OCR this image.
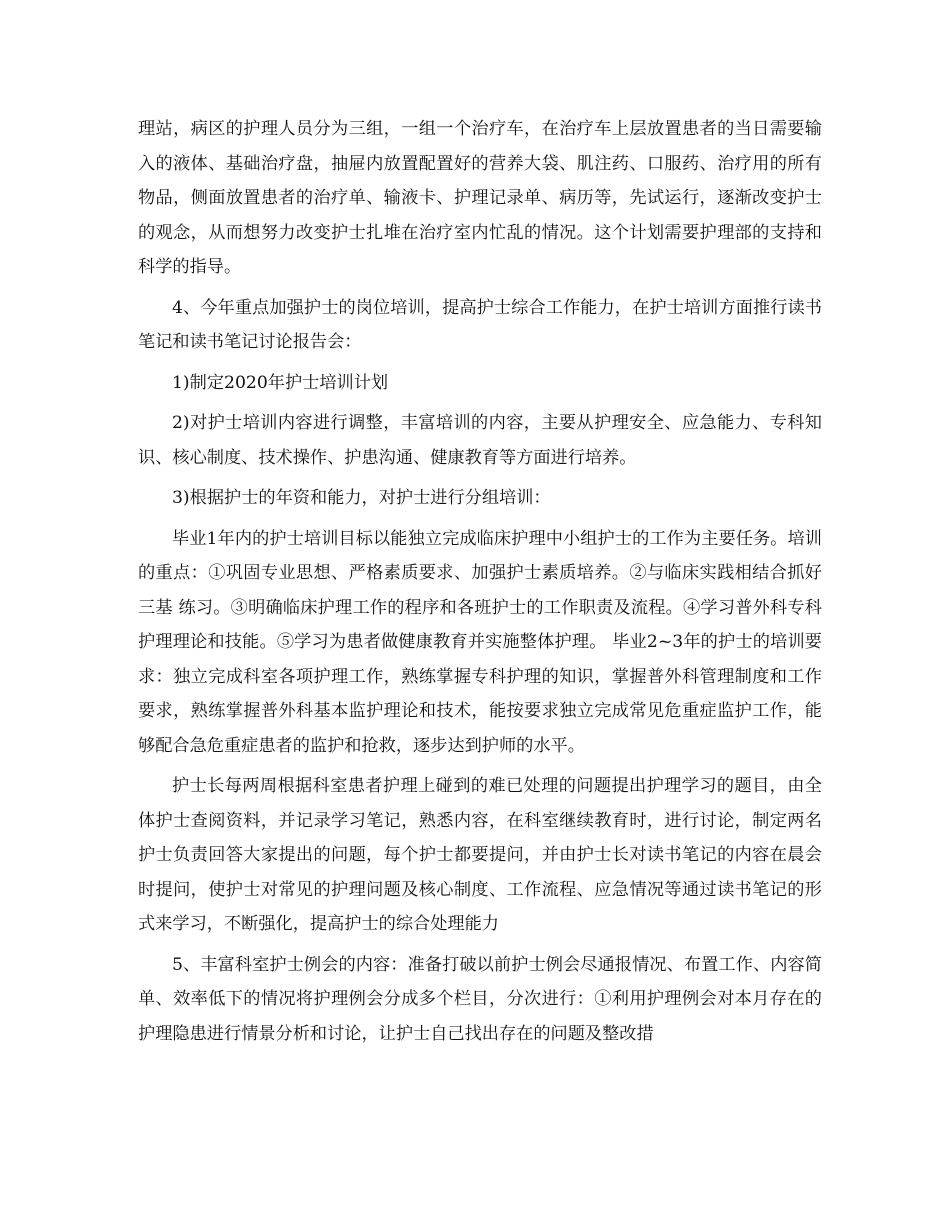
理站，病区的护理人员分为三组，一组一个治疗车，在治疗车上层放置患者的当日需要输入的液体、基础治疗盘，抽屉内放置配置好的营养大袋、肌注药、口服药、治疗用的所有物品，侧面放置患者的治疗单、输液卡、护理记录单、病历等，先试运行，逐渐改变护士的观念，从而想努力改变护士扎堆在治疗室内忙乱的情况。这个计划需要护理部的支持和科学的指导。

4、今年重点加强护士的岗位培训，提高护士综合工作能力，在护士培训方面推行读书笔记和读书笔记讨论报告会：

1)制定2020年护士培训计划

2)对护士培训内容进行调整，丰富培训的内容，主要从护理安全、应急能力、专科知识、核心制度、技术操作、护患沟通、健康教育等方面进行培养。

3)根据护士的年资和能力，对护士进行分组培训：

毕业1年内的护士培训目标以能独立完成临床护理中小组护士的工作为主要任务。培训的重点：①巩固专业思想、严格素质要求、加强护士素质培养。②与临床实践相结合抓好 三基 练习。③明确临床护理工作的程序和各班护士的工作职责及流程。④学习普外科专科护理理论和技能。⑤学习为患者做健康教育并实施整体护理。 毕业2~3年的护士的培训要求：独立完成科室各项护理工作，熟练掌握专科护理的知识，掌握普外科管理制度和工作要求，熟练掌握普外科基本监护理论和技术，能按要求独立完成常见危重症监护工作，能够配合急危重症患者的监护和抢救，逐步达到护师的水平。

护士长每两周根据科室患者护理上碰到的难已处理的问题提出护理学习的题目，由全体护士查阅资料，并记录学习笔记，熟悉内容，在科室继续教育时，进行讨论，制定两名护士负责回答大家提出的问题，每个护士都要提问，并由护士长对读书笔记的内容在晨会时提问，使护士对常见的护理问题及核心制度、工作流程、应急情况等通过读书笔记的形式来学习，不断强化，提高护士的综合处理能力

5、丰富科室护士例会的内容：准备打破以前护士例会尽通报情况、布置工作、内容简单、效率低下的情况将护理例会分成多个栏目，分次进行：①利用护理例会对本月存在的护理隐患进行情景分析和讨论，让护士自己找出存在的问题及整改措
